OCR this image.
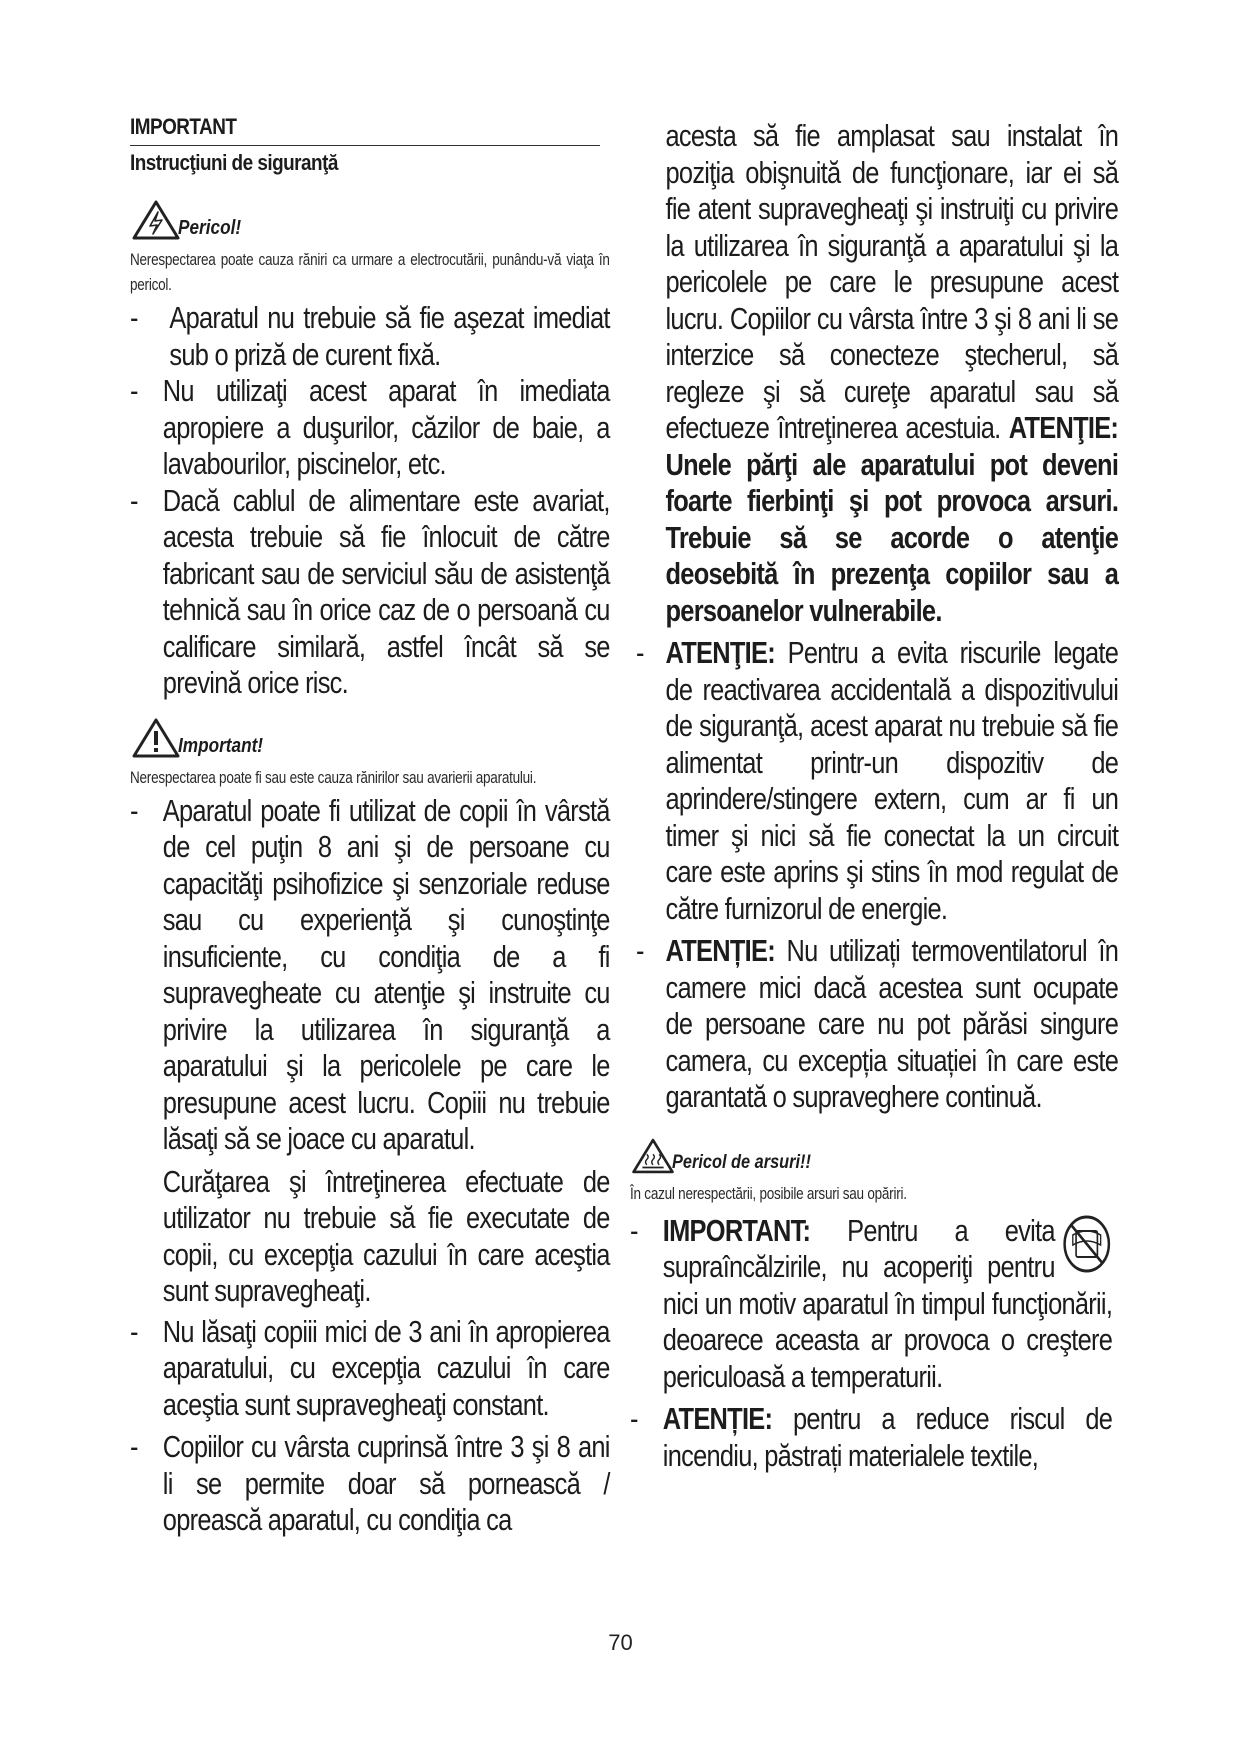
IMPORTANT
Instrucţiuni de siguranţă
Pericol!
Nerespectarea poate cauza răniri ca urmare a electrocutării, punându-vă viaţa în pericol.
- Aparatul nu trebuie să fie aşezat imediat sub o priză de curent fixă.
- Nu utilizaţi acest aparat în imediata apropiere a duşurilor, căzilor de baie, a lavabourilor, piscinelor, etc.
- Dacă cablul de alimentare este avariat, acesta trebuie să fie înlocuit de către fabricant sau de serviciul său de asistenţă tehnică sau în orice caz de o persoană cu calificare similară, astfel încât să se prevină orice risc.
Important!
Nerespectarea poate fi sau este cauza rănirilor sau avarierii aparatului.
- Aparatul poate fi utilizat de copii în vârstă de cel puţin 8 ani şi de persoane cu capacităţi psihofizice şi senzoriale reduse sau cu experienţă şi cunoştinţe insuficiente, cu condiţia de a fi supravegheate cu atenţie şi instruite cu privire la utilizarea în siguranţă a aparatului şi la pericolele pe care le presupune acest lucru. Copiii nu trebuie lăsaţi să se joace cu aparatul.
Curăţarea şi întreţinerea efectuate de utilizator nu trebuie să fie executate de copii, cu excepţia cazului în care aceştia sunt supravegheaţi.
- Nu lăsaţi copiii mici de 3 ani în apropierea aparatului, cu excepţia cazului în care aceştia sunt supravegheaţi constant.
- Copiilor cu vârsta cuprinsă între 3 şi 8 ani li se permite doar să pornească / oprească aparatul, cu condiţia ca
acesta să fie amplasat sau instalat în poziţia obişnuită de funcţionare, iar ei să fie atent supravegheaţi şi instruiţi cu privire la utilizarea în siguranţă a aparatului şi la pericolele pe care le presupune acest lucru. Copiilor cu vârsta între 3 şi 8 ani li se interzice să conecteze ştecherul, să regleze şi să cureţe aparatul sau să efectueze întreţinerea acestuia. ATENŢIE: Unele părţi ale aparatului pot deveni foarte fierbinţi şi pot provoca arsuri. Trebuie să se acorde o atenţie deosebită în prezenţa copiilor sau a persoanelor vulnerabile.
- ATENŢIE: Pentru a evita riscurile legate de reactivarea accidentală a dispozitivului de siguranţă, acest aparat nu trebuie să fie alimentat printr-un dispozitiv de aprindere/stingere extern, cum ar fi un timer şi nici să fie conectat la un circuit care este aprins şi stins în mod regulat de către furnizorul de energie.
- ATENȚIE: Nu utilizați termoventilatorul în camere mici dacă acestea sunt ocupate de persoane care nu pot părăsi singure camera, cu excepția situației în care este garantată o supraveghere continuă.
Pericol de arsuri!!
În cazul nerespectării, posibile arsuri sau opăriri.
- IMPORTANT: Pentru a evita supraîncălzirile, nu acoperiţi pentru nici un motiv aparatul în timpul funcţionării, deoarece aceasta ar provoca o creştere periculoasă a temperaturii.
- ATENȚIE: pentru a reduce riscul de incendiu, păstrați materialele textile,
70
